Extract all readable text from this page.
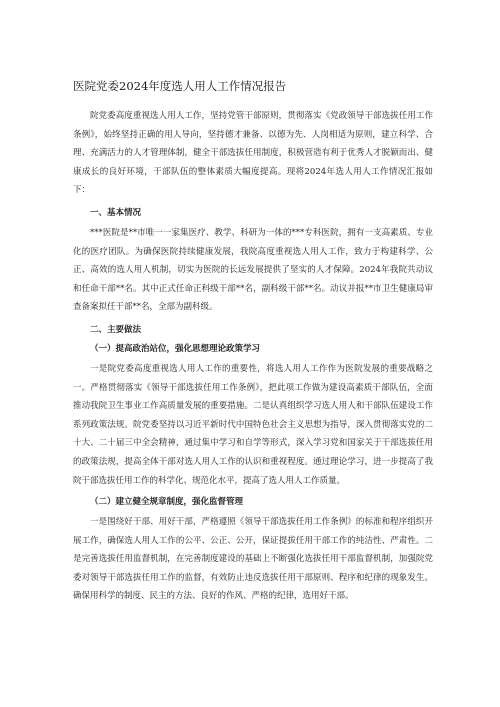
医院党委2024年度选人用人工作情况报告

院党委高度重视选人用人工作，坚持党管干部原则，贯彻落实《党政领导干部选拔任用工作条例》，始终坚持正确的用人导向，坚持德才兼备、以德为先、人岗相适为原则，建立科学、合理、充满活力的人才管理体制，健全干部选拔任用制度，积极营造有利于优秀人才脱颖而出、健康成长的良好环境，干部队伍的整体素质大幅度提高。现将2024年选人用人工作情况汇报如下：

一、基本情况

***医院是**市唯一一家集医疗、教学、科研为一体的***专科医院，拥有一支高素质、专业化的医疗团队。为确保医院持续健康发展，我院高度重视选人用人工作，致力于构建科学、公正、高效的选人用人机制，切实为医院的长远发展提供了坚实的人才保障。2024年我院共动议和任命干部**名。其中正式任命正科级干部**名，副科级干部**名。动议并报**市卫生健康局审查备案拟任干部**名，全部为副科级。

二、主要做法
（一）提高政治站位，强化思想理论政策学习

一是院党委高度重视选人用人工作的重要性，将选人用人工作作为医院发展的重要战略之一。严格贯彻落实《领导干部选拔任用工作条例》，把此项工作做为建设高素质干部队伍，全面推动我院卫生事业工作高质量发展的重要措施。二是认真组织学习选人用人和干部队伍建设工作系列政策法规。院党委坚持以习近平新时代中国特色社会主义思想为指导，深入贯彻落实党的二十大、二十届三中全会精神，通过集中学习和自学等形式，深入学习党和国家关于干部选拔任用的政策法规，提高全体干部对选人用人工作的认识和重视程度。通过理论学习，进一步提高了我院干部选拔任用工作的科学化、规范化水平，提高了选人用人工作质量。

（二）建立健全规章制度，强化监督管理

一是围绕好干部、用好干部，严格遵照《领导干部选拔任用工作条例》的标准和程序组织开展工作，确保选人用人工作的公平、公正、公开，保证提拔任用干部工作的纯洁性、严肃性。二是完善选拔任用监督机制，在完善制度建设的基础上不断强化选拔任用干部监督机制，加强院党委对领导干部选拔任用工作的监督，有效防止违反选拔任用干部原则、程序和纪律的现象发生。确保用科学的制度、民主的方法、良好的作风、严格的纪律，选用好干部。
